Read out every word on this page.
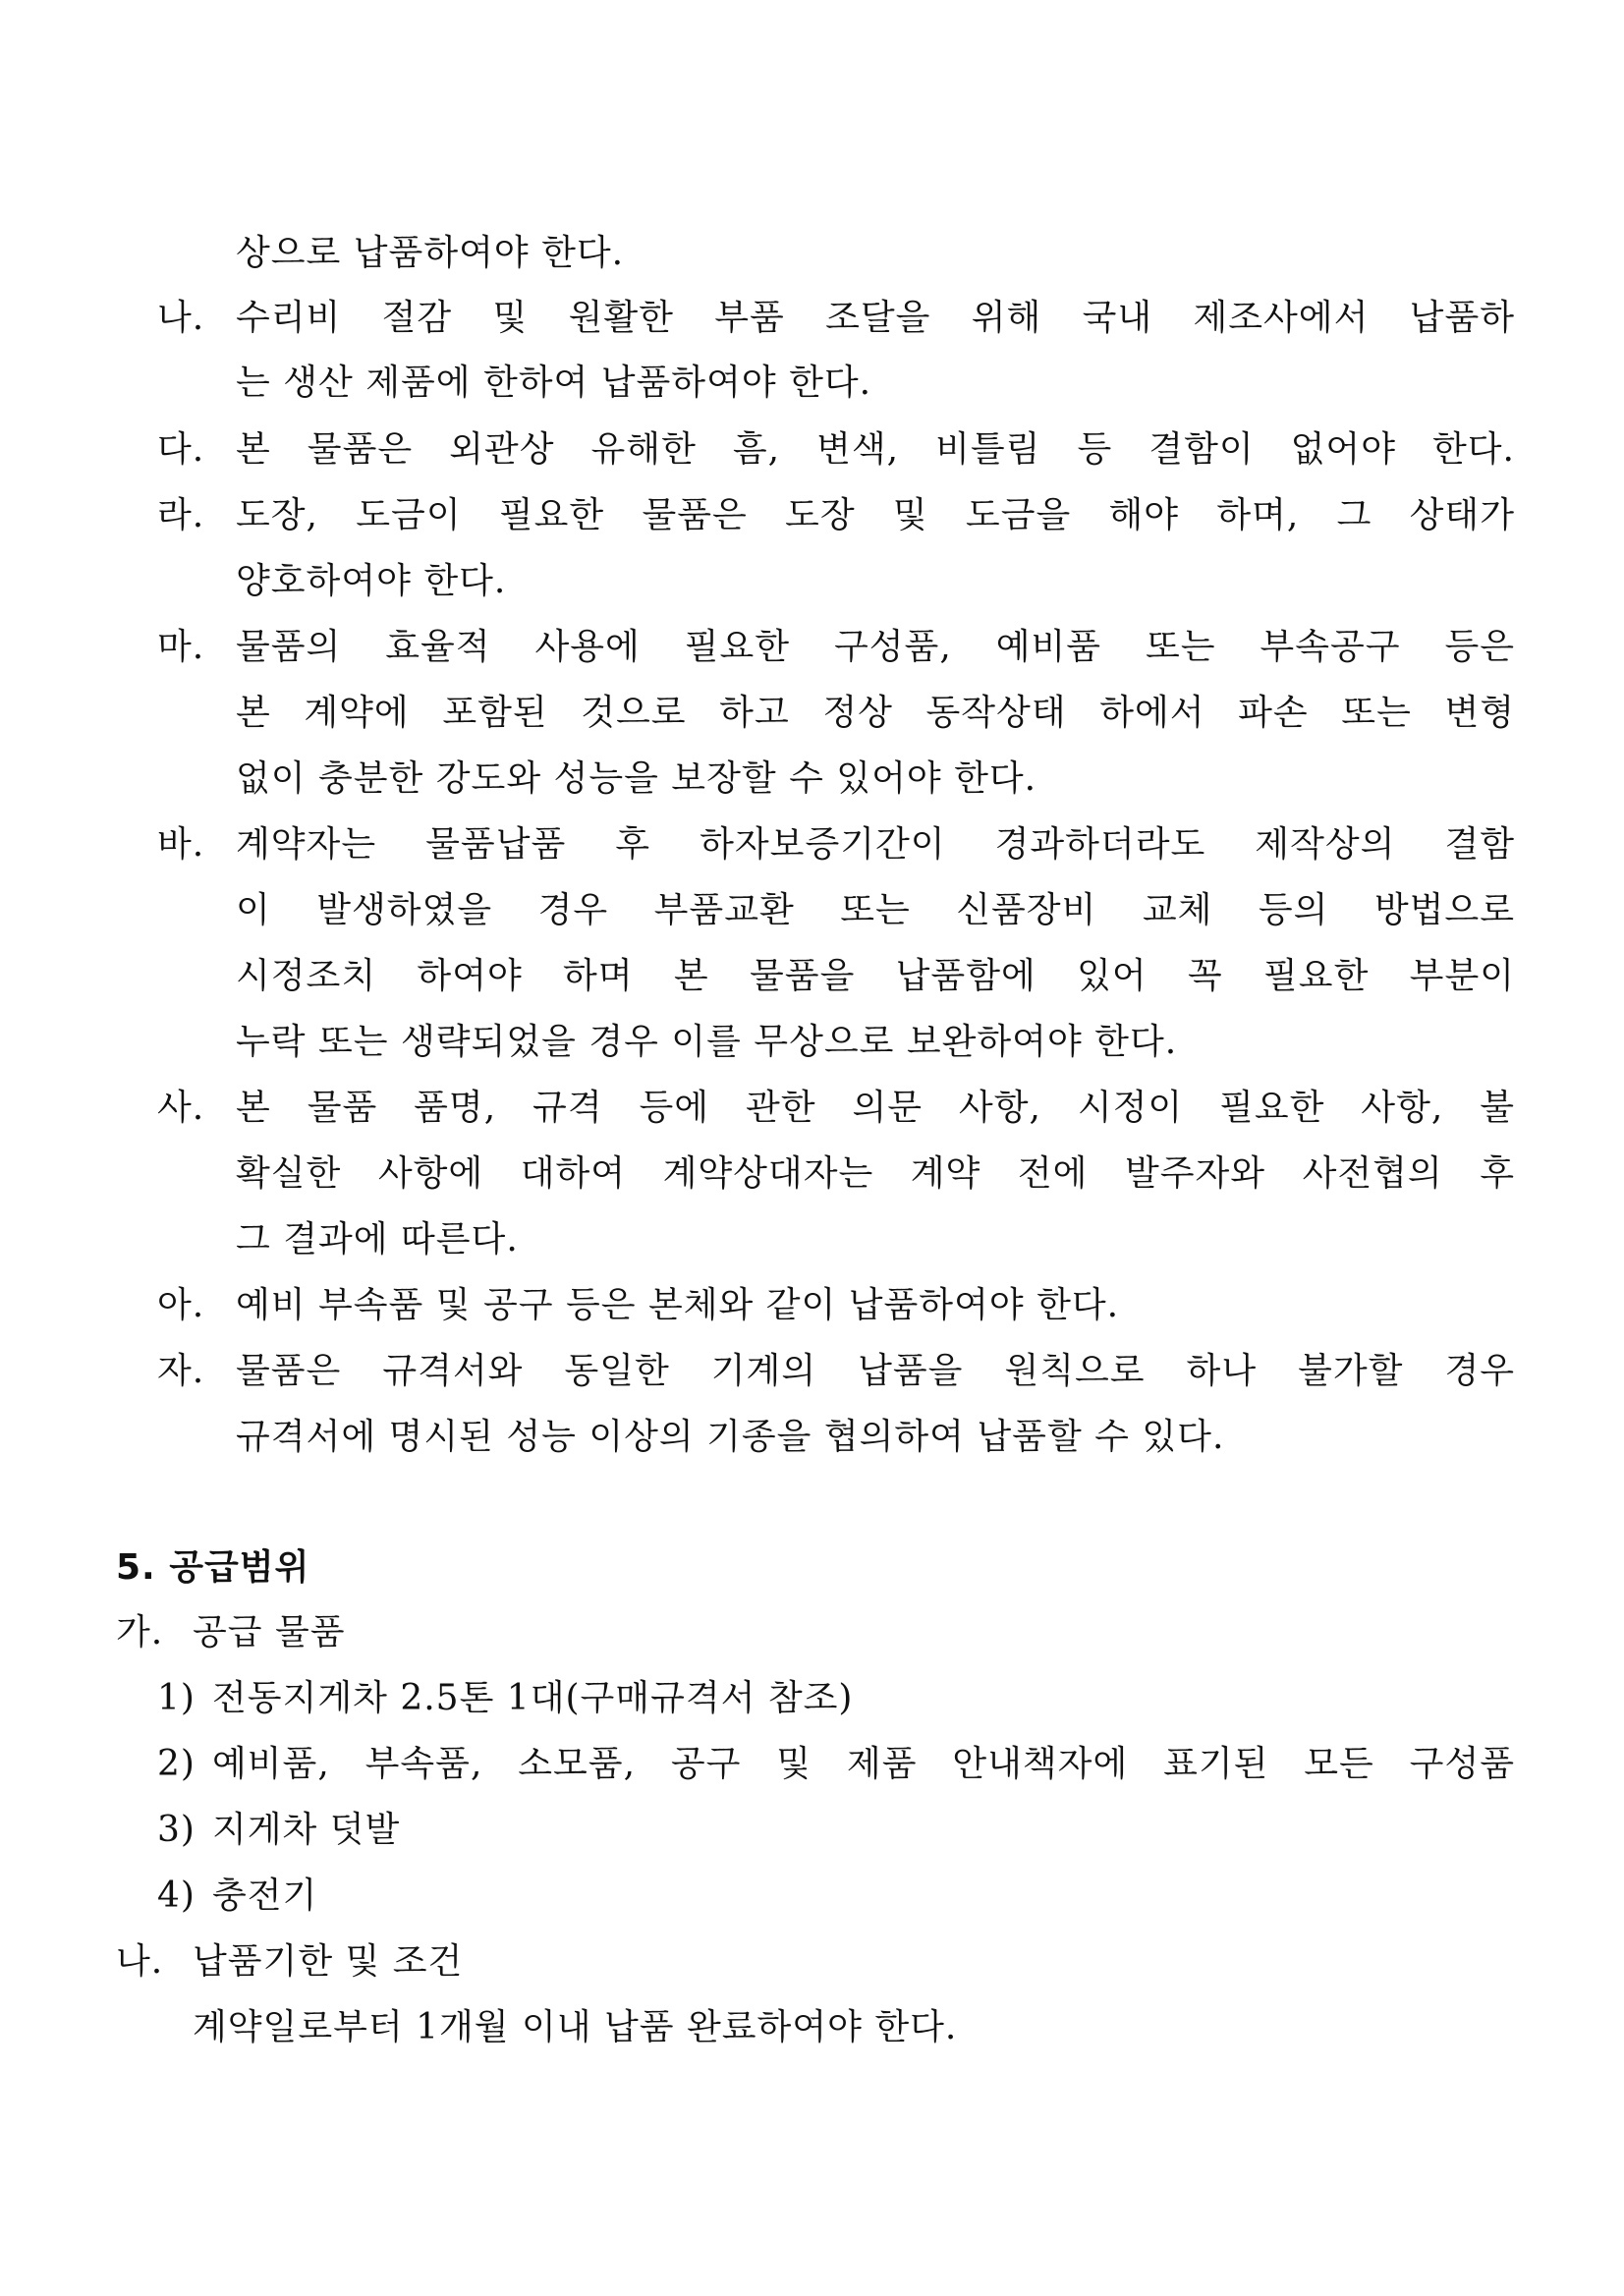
상으로 납품하여야 한다.
나. 수리비 절감 및 원활한 부품 조달을 위해 국내 제조사에서 납품하
는 생산 제품에 한하여 납품하여야 한다.
다. 본 물품은 외관상 유해한 흠, 변색, 비틀림 등 결함이 없어야 한다.
라. 도장, 도금이 필요한 물품은 도장 및 도금을 해야 하며, 그 상태가
양호하여야 한다.
마. 물품의 효율적 사용에 필요한 구성품, 예비품 또는 부속공구 등은
본 계약에 포함된 것으로 하고 정상 동작상태 하에서 파손 또는 변형
없이 충분한 강도와 성능을 보장할 수 있어야 한다.
바. 계약자는 물품납품 후 하자보증기간이 경과하더라도 제작상의 결함
이 발생하였을 경우 부품교환 또는 신품장비 교체 등의 방법으로
시정조치 하여야 하며 본 물품을 납품함에 있어 꼭 필요한 부분이
누락 또는 생략되었을 경우 이를 무상으로 보완하여야 한다.
사. 본 물품 품명, 규격 등에 관한 의문 사항, 시정이 필요한 사항, 불
확실한 사항에 대하여 계약상대자는 계약 전에 발주자와 사전협의 후
그 결과에 따른다.
아. 예비 부속품 및 공구 등은 본체와 같이 납품하여야 한다.
자. 물품은 규격서와 동일한 기계의 납품을 원칙으로 하나 불가할 경우
규격서에 명시된 성능 이상의 기종을 협의하여 납품할 수 있다.
5. 공급범위
가. 공급 물품
1) 전동지게차 2.5톤 1대(구매규격서 참조)
2) 예비품, 부속품, 소모품, 공구 및 제품 안내책자에 표기된 모든 구성품
3) 지게차 덧발
4) 충전기
나. 납품기한 및 조건
계약일로부터 1개월 이내 납품 완료하여야 한다.
